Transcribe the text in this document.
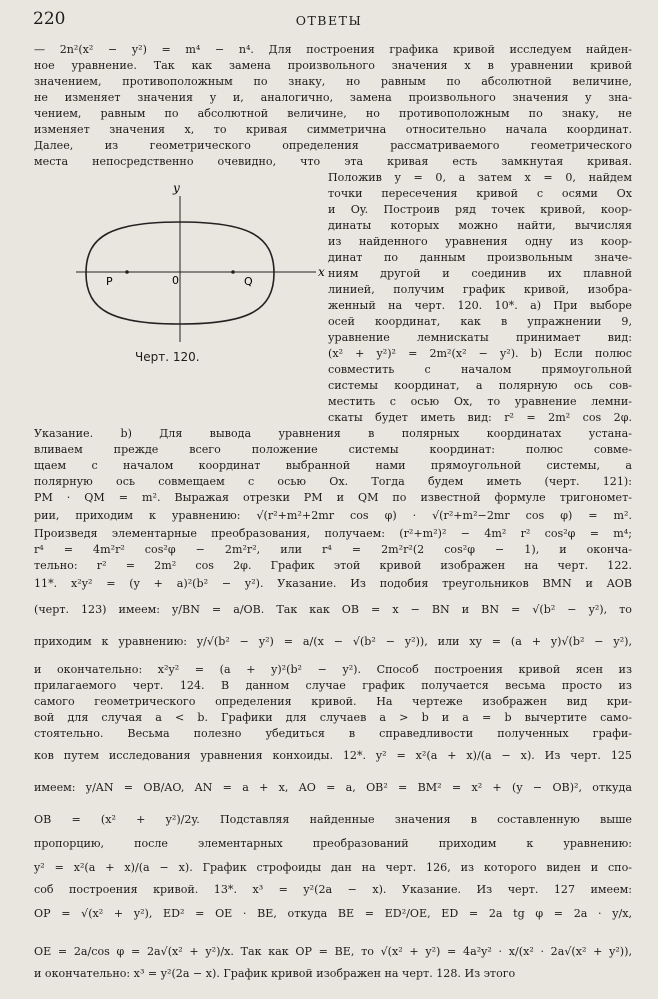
220	ОТВЕТЫ
y
x
0
P	Q
Черт. 120.
— 2n²(x² − y²) = m⁴ − n⁴. Для построения графика кривой исследуем найден-
ное уравнение. Так как замена произвольного значения x в уравнении кривой
значением, противоположным по знаку, но равным по абсолютной величине,
не изменяет значения y и, аналогично, замена произвольного значения y зна-
чением, равным по абсолютной величине, но противоположным по знаку, не
изменяет значения x, то кривая симметрична относительно начала координат.
Далее, из геометрического определения рассматриваемого геометрического
места непосредственно очевидно, что эта кривая есть замкнутая кривая.
Положив y = 0, а затем x = 0, найдем
точки пересечения кривой с осями Ox
и Oy. Построив ряд точек кривой, коор-
динаты которых можно найти, вычисляя
из найденного уравнения одну из коор-
динат по данным произвольным значе-
ниям другой и соединив их плавной
линией, получим график кривой, изобра-
женный на черт. 120. 10*. a) При выборе
осей координат, как в упражнении 9,
уравнение лемнискаты принимает вид:
(x² + y²)² = 2m²(x² − y²). b) Если полюс
совместить с началом прямоугольной
системы координат, а полярную ось сов-
местить с осью Ox, то уравнение лемни-
скаты будет иметь вид: r² = 2m² cos 2φ.
Указание. b) Для вывода уравнения в полярных координатах устана-
вливаем прежде всего положение системы координат: полюс совме-
щаем с началом координат выбранной нами прямоугольной системы, а
полярную ось совмещаем с осью Ox. Тогда будем иметь (черт. 121):
PM · QM = m². Выражая отрезки PM и QM по известной формуле тригономет-
рии, приходим к уравнению: √(r²+m²+2mr cos φ) · √(r²+m²−2mr cos φ) = m².
Произведя элементарные преобразования, получаем: (r²+m²)² − 4m² r² cos²φ = m⁴;
r⁴ = 4m²r² cos²φ − 2m²r², или r⁴ = 2m²r²(2 cos²φ − 1), и оконча-
тельно: r² = 2m² cos 2φ. График этой кривой изображен на черт. 122.
11*. x²y² = (y + a)²(b² − y²). Указание. Из подобия треугольников BMN и AOB
(черт. 123) имеем: y/BN = a/OB. Так как OB = x − BN и BN = √(b² − y²), то
приходим к уравнению: y/√(b² − y²) = a/(x − √(b² − y²)), или xy = (a + y)√(b² − y²),
и окончательно: x²y² = (a + y)²(b² − y²). Способ построения кривой ясен из
прилагаемого черт. 124. В данном случае график получается весьма просто из
самого геометрического определения кривой. На чертеже изображен вид кри-
вой для случая a < b. Графики для случаев a > b и a = b вычертите само-
стоятельно. Весьма полезно убедиться в справедливости полученных графи-
ков путем исследования уравнения конхоиды. 12*. y² = x²(a + x)/(a − x). Из черт. 125
имеем: y/AN = OB/AO, AN = a + x, AO = a, OB² = BM² = x² + (y − OB)², откуда
OB = (x² + y²)/2y. Подставляя найденные значения в составленную выше
пропорцию, после элементарных преобразований приходим к уравнению:
y² = x²(a + x)/(a − x). График строфоиды дан на черт. 126, из которого виден и спо-
соб построения кривой. 13*. x³ = y²(2a − x). Указание. Из черт. 127 имеем:
OP = √(x² + y²), ED² = OE · BE, откуда BE = ED²/OE, ED = 2a tg φ = 2a · y/x,
OE = 2a/cos φ = 2a√(x² + y²)/x. Так как OP = BE, то √(x² + y²) = 4a²y² · x/(x² · 2a√(x² + y²)),
и окончательно: x³ = y²(2a − x). График кривой изображен на черт. 128. Из этого
